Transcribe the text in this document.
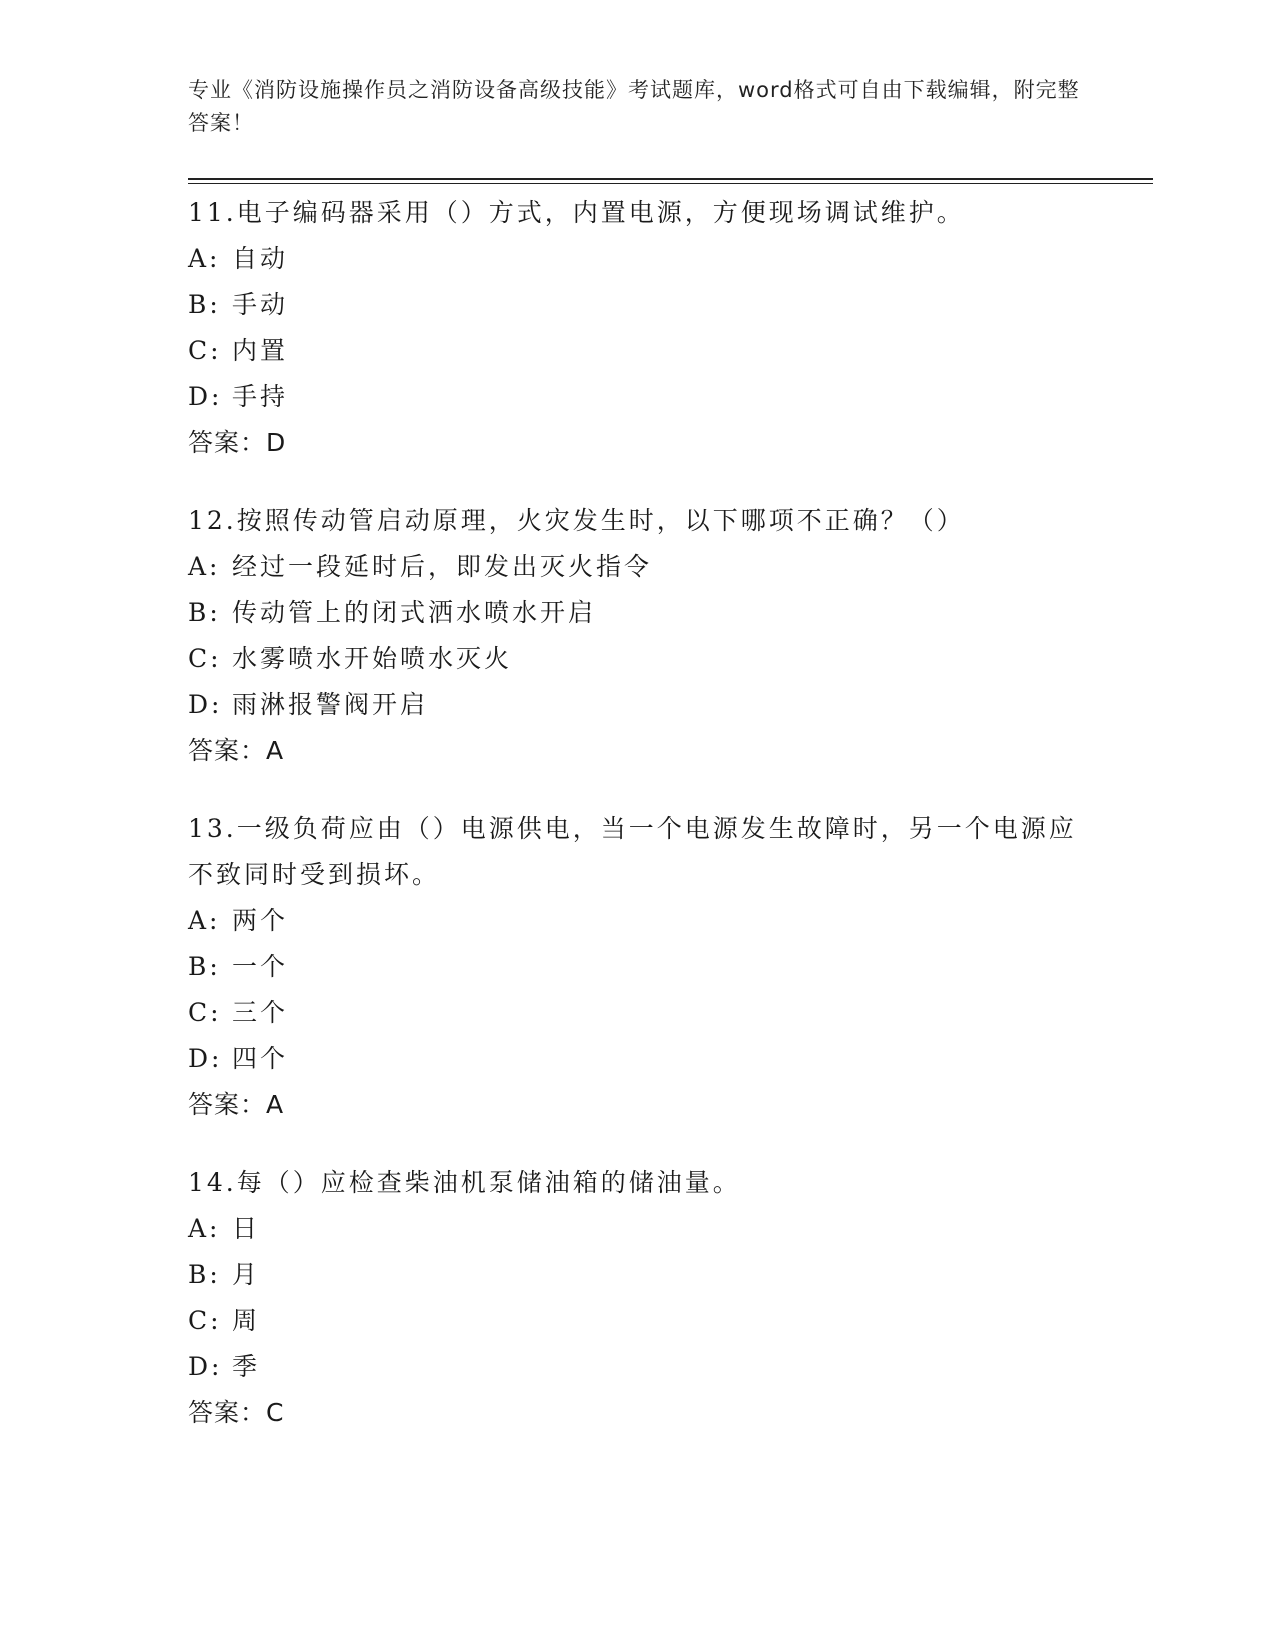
专业《消防设施操作员之消防设备高级技能》考试题库，word格式可自由下载编辑，附完整答案！

11.电子编码器采用（）方式，内置电源，方便现场调试维护。

A: 自动

B: 手动

C: 内置

D: 手持

答案：D

12.按照传动管启动原理，火灾发生时，以下哪项不正确？（）

A: 经过一段延时后，即发出灭火指令

B: 传动管上的闭式洒水喷水开启

C: 水雾喷水开始喷水灭火

D: 雨淋报警阀开启

答案：A

13.一级负荷应由（）电源供电，当一个电源发生故障时，另一个电源应不致同时受到损坏。

A: 两个

B: 一个

C: 三个

D: 四个

答案：A

14.每（）应检查柴油机泵储油箱的储油量。

A: 日

B: 月

C: 周

D: 季

答案：C
